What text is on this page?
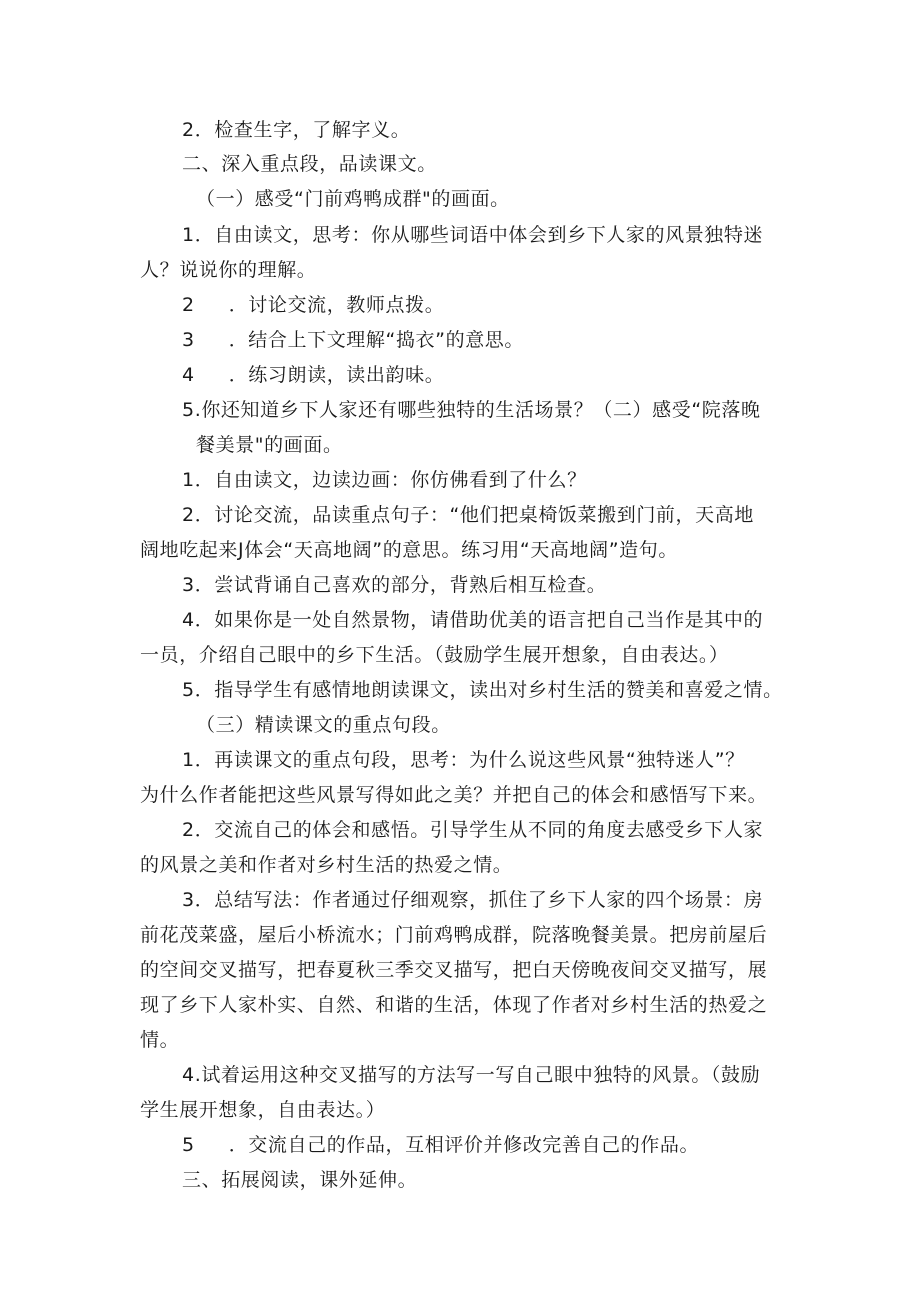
2．检查生字，了解字义。
二、深入重点段，品读课文。
（一）感受“门前鸡鸭成群"的画面。
1．自由读文，思考：你从哪些词语中体会到乡下人家的风景独特迷
人？说说你的理解。
2 ．讨论交流，教师点拨。
3 ．结合上下文理解“捣衣”的意思。
4 ．练习朗读，读出韵味。
5.你还知道乡下人家还有哪些独特的生活场景？（二）感受“院落晚
餐美景"的画面。
1．自由读文，边读边画：你仿佛看到了什么？
2．讨论交流，品读重点句子：“他们把桌椅饭菜搬到门前，天高地
阔地吃起来J体会“天高地阔”的意思。练习用“天高地阔”造句。
3．尝试背诵自己喜欢的部分，背熟后相互检查。
4．如果你是一处自然景物，请借助优美的语言把自己当作是其中的
一员，介绍自己眼中的乡下生活。（鼓励学生展开想象，自由表达。）
5．指导学生有感情地朗读课文，读出对乡村生活的赞美和喜爱之情。
（三）精读课文的重点句段。
1．再读课文的重点句段，思考：为什么说这些风景“独特迷人”？
为什么作者能把这些风景写得如此之美？并把自己的体会和感悟写下来。
2．交流自己的体会和感悟。引导学生从不同的角度去感受乡下人家
的风景之美和作者对乡村生活的热爱之情。
3．总结写法：作者通过仔细观察，抓住了乡下人家的四个场景：房
前花茂菜盛，屋后小桥流水；门前鸡鸭成群，院落晚餐美景。把房前屋后
的空间交叉描写，把春夏秋三季交叉描写，把白天傍晚夜间交叉描写，展
现了乡下人家朴实、自然、和谐的生活，体现了作者对乡村生活的热爱之
情。
4.试着运用这种交叉描写的方法写一写自己眼中独特的风景。（鼓励
学生展开想象，自由表达。）
5 ．交流自己的作品，互相评价并修改完善自己的作品。
三、拓展阅读，课外延伸。
